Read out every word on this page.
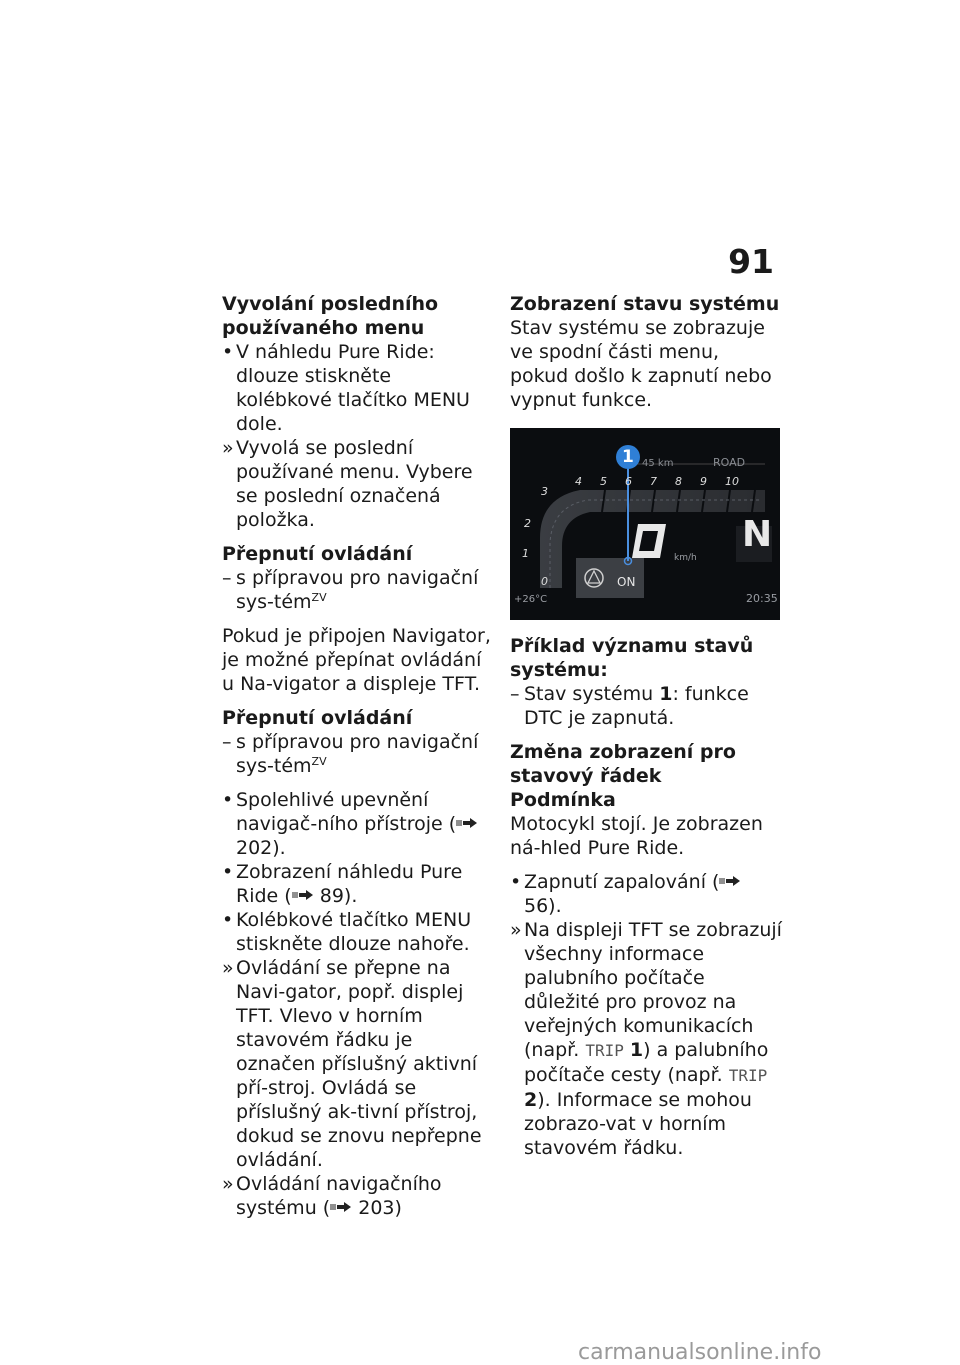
91

Vyvolání posledního používaného menu

• V náhledu Pure Ride: dlouze stiskněte kolébkové tlačítko MENU dole.
» Vyvolá se poslední používané menu. Vybere se poslední označená položka.

Přepnutí ovládání

– s přípravou pro navigační sys-tém$^{ZV}$

Pokud je připojen Navigator, je možné přepínat ovládání u Na-vigator a displeje TFT.

Přepnutí ovládání

– s přípravou pro navigační sys-tém$^{ZV}$
• Spolehlivé upevnění navigač-ního přístroje ( 202).
• Zobrazení náhledu Pure Ride ( 89).
• Kolébkové tlačítko MENU stiskněte dlouze nahoře.
» Ovládání se přepne na Navi-gator, popř. displej TFT. Vlevo v horním stavovém řádku je označen příslušný aktivní pří-stroj. Ovládá se příslušný ak-tivní přístroj, dokud se znovu nepřepne ovládání.
» Ovládání navigačního systému ( 203)

Zobrazení stavu systému

Stav systému se zobrazuje ve spodní části menu, pokud došlo k zapnutí nebo vypnut funkce.

1 45 km	ROAD
4 5 6 7 8 9 10
3
2
1
0
km/h
N
ON
+26°C	20:35

Příklad významu stavů systému:

– Stav systému 1: funkce DTC je zapnutá.

Změna zobrazení pro stavový řádek

Podmínka

Motocykl stojí. Je zobrazen ná-hled Pure Ride.

• Zapnutí zapalování ( 56).
» Na displeji TFT se zobrazují všechny informace palubního počítače důležité pro provoz na veřejných komunikacích (např. TRIP 1) a palubního počítače cesty (např. TRIP 2). Informace se mohou zobrazo-vat v horním stavovém řádku.
carmanualsonline.info
